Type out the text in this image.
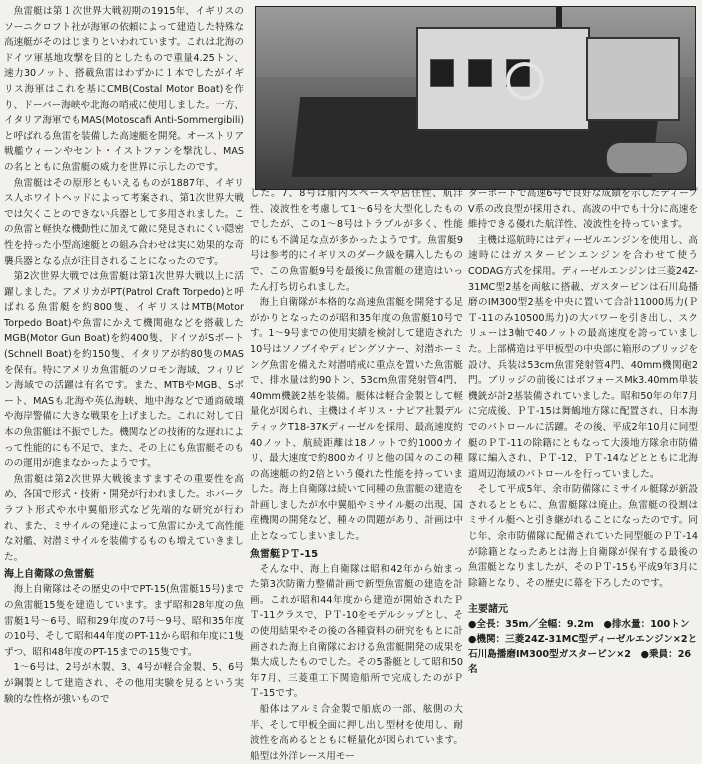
魚雷艇は第１次世界大戦初期の1915年、イギリスのソーニクロフト社が海軍の依頼によって建造した特殊な高速艇がそのはじまりといわれています。これは北海のドイツ軍基地攻撃を目的としたもので重量4.25トン、速力30ノット、搭載魚雷はわずかに１本でしたがイギリス海軍はこれを基にCMB(Costal Motor Boat)を作り、ドーバー海峡や北海の哨戒に使用しました。一方、イタリア海軍でもMAS(Motoscafi Anti-Sommergibili)と呼ばれる魚雷を装備した高速艇を開発。オーストリア戦艦ウィーンやセント・イストファンを撃沈し、MASの名とともに魚雷艇の威力を世界に示したのです。

魚雷艇はその原形ともいえるものが1887年、イギリス人ホワイトヘッドによって考案され、第1次世界大戦では欠くことのできない兵器として多用されました。この魚雷と軽快な機動性に加えて敵に発見されにくい隠密性を持った小型高速艇との組み合わせは実に効果的な奇襲兵器となる点が注目されることになったのです。

第2次世界大戦では魚雷艇は第1次世界大戦以上に活躍しました。アメリカがPT(Patrol Craft Torpedo)と呼ばれる魚雷艇を約800隻、イギリスはMTB(Motor Torpedo Boat)や魚雷にかえて機関砲などを搭載したMGB(Motor Gun Boat)を約400隻、ドイツがSボート(Schnell Boat)を約150隻、イタリアが約80隻のMASを保有。特にアメリカ魚雷艇のソロモン海域、フィリピン海域での活躍は有名です。また、MTBやMGB、Sボート、MASも北海や英仏海峡、地中海などで通商破壊や海岸警備に大きな戦果を上げました。これに対して日本の魚雷艇は不振でした。機関などの技術的な遅れによって性能的にも不足で、また、その上にも魚雷艇そのものの運用が進まなかったようです。

魚雷艇は第2次世界大戦後ますますその重要性を高め、各国で形式・技術・開発が行われました。ホバークラフト形式や水中翼船形式など先端的な研究が行われ、また、ミサイルの発達によって魚雷にかえて高性能な対艦、対潜ミサイルを装備するものも増えていきました。

海上自衛隊の魚雷艇

海上自衛隊はその歴史の中でPT-15(魚雷艇15号)までの魚雷艇15隻を建造しています。まず昭和28年度の魚雷艇1号～6号、昭和29年度の7号～9号、昭和35年度の10号、そして昭和44年度のPT-11から昭和年度に1隻ずつ、昭和48年度のPT-15までの15隻です。

1～6号は、2号が木製、3、4号が軽合金製、5、6号が鋼製として建造され、その他用実験を見るという実験的な性格が強いもので

した。7、8号は船内スペースや居住性、航洋性、凌波性を考慮して1～6号を大型化したものでしたが、この1～8号はトラブルが多く、性能的にも不満足な点が多かったようです。魚雷艇9号は参考的にイギリスのダーク級を購入したもので、この魚雷艇9号を最後に魚雷艇の建造はいったん打ち切られました。

海上自衛隊が本格的な高速魚雷艇を開発する足がかりとなったのが昭和35年度の魚雷艇10号です。1～9号までの使用実績を検討して建造された10号はソノブイやディピングソナー、対潜ホーミング魚雷を備えた対潜哨戒に重点を置いた魚雷艇で、排水量は約90トン、53cm魚雷発射管4門、40mm機銃2基を装備。艇体は軽合金製として軽量化が図られ、主機はイギリス・ナピア社製デルティックT18-37Kディーゼルを採用、最高速度約40ノット、航続距離は18ノットで約1000カイリ、最大速度で約800カイリと他の国々のこの種の高速艇の約2倍という優れた性能を持っていました。海上自衛隊は続いて同種の魚雷艇の建造を計画しましたが水中翼船やミサイル艇の出現、国産機関の開発など、種々の問題があり、計画は中止となってしまいました。

魚雷艇ＰＴ-15

そんな中、海上自衛隊は昭和42年から始まった第3次防衛力整備計画で新型魚雷艇の建造を計画。これが昭和44年度から建造が開始されたＰＴ-11クラスで、ＰＴ-10をモデルシップとし、その使用結果やその後の各種資料の研究をもとに計画された海上自衛隊における魚雷艇開発の成果を集大成したものでした。その5番艇として昭和50年7月、三菱重工下関造船所で完成したのがＰＴ-15です。

船体はアルミ合金製で船底の一部、舷側の大半、そして甲板全面に押し出し型材を使用し、耐波性を高めるとともに軽量化が図られています。船型は外洋レース用モー

ターボートで高速6号で良好な成績を示したディープV系の改良型が採用され、高波の中でも十分に高速を維持できる優れた航洋性、凌波性を持っています。

主機は巡航時にはディーゼルエンジンを使用し、高速時にはガスタービンエンジンを合わせて使うCODAG方式を採用。ディーゼルエンジンは三菱24Z-31MC型2基を両舷に搭載、ガスタービンは石川島播磨のIM300型2基を中央に置いて合計11000馬力(ＰＴ-11のみ10500馬力)の大パワーを引き出し、スクリューは3軸で40ノットの最高速度を誇っていました。上部構造は平甲板型の中央部に箱形のブリッジを設け、兵装は53cm魚雷発射管4門、40mm機関砲2門。ブリッジの前後にはボフォースMk3.40mm単装機銃が計2基装備されていました。昭和50年の年7月に完成後、ＰＴ-15は舞鶴地方隊に配置され、日本海でのパトロールに活躍。その後、平成2年10月に同型艇のＰＴ-11の除籍にともなって大湊地方隊余市防備隊に編入され、ＰＴ-12、ＰＴ-14などとともに北海道周辺海域のパトロールを行っていました。

そして平成5年、余市防備隊にミサイル艇隊が新設されるとともに、魚雷艇隊は廃止。魚雷艇の役割はミサイル艇へと引き継がれることになったのです。同じ年、余市防備隊に配備されていた同型艇のＰＴ-14が除籍となったあとは海上自衛隊が保有する最後の魚雷艇となりましたが、そのＰＴ-15も平成9年3月に除籍となり、その歴史に幕を下ろしたのです。

主要諸元
●全長：35m／全幅：9.2m　●排水量：100トン　●機関：三菱24Z-31MC型ディーゼルエンジン×2と石川島播磨IM300型ガスタービン×2　●乗員：26名
